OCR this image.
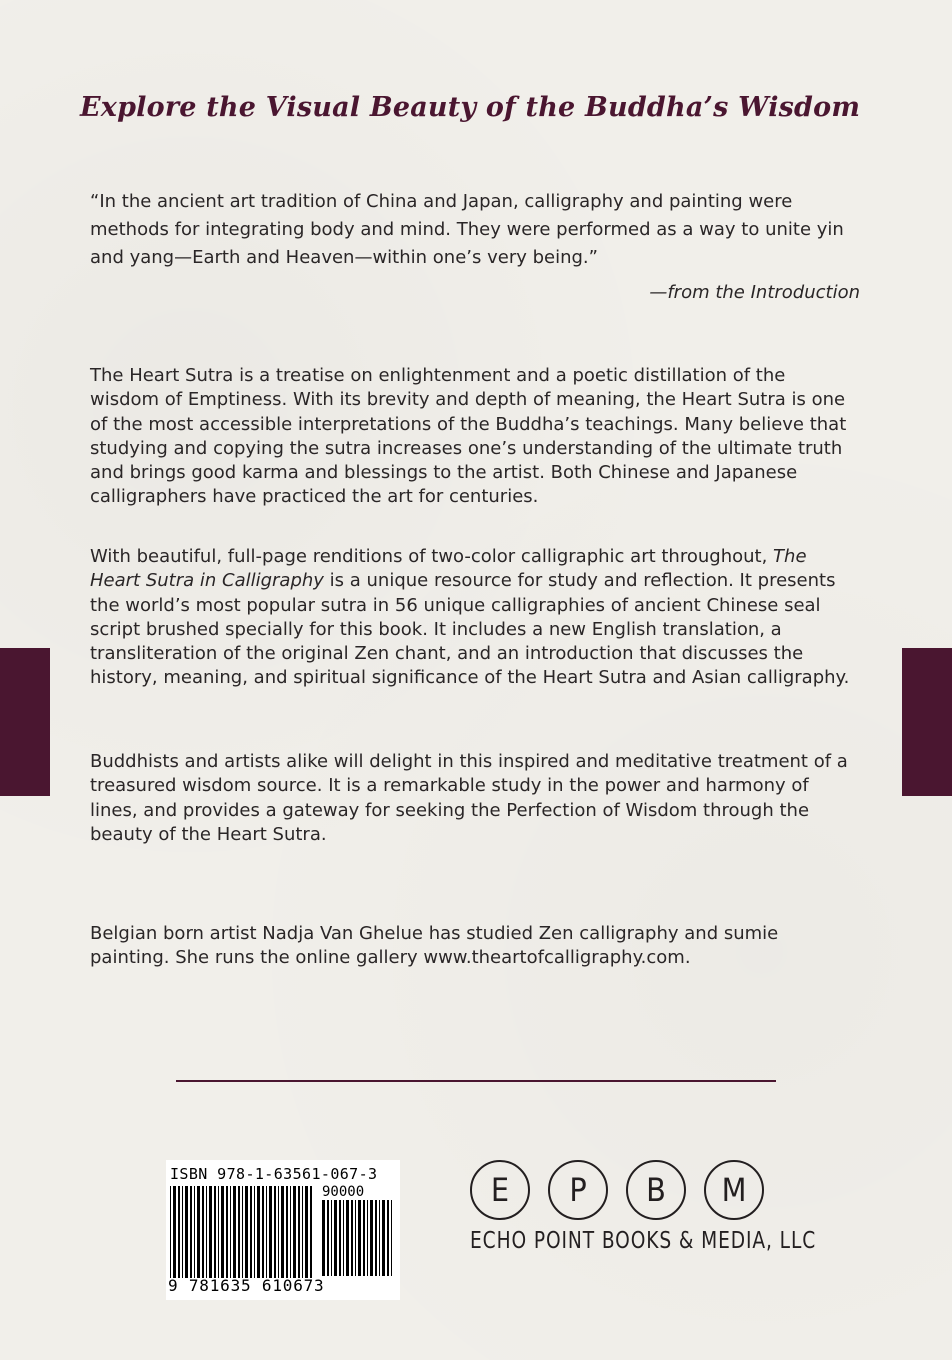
Explore the Visual Beauty of the Buddha’s Wisdom
“In the ancient art tradition of China and Japan, calligraphy and painting were methods for integrating body and mind. They were performed as a way to unite yin and yang—Earth and Heaven—within one’s very being.”
—from the Introduction
The Heart Sutra is a treatise on enlightenment and a poetic distillation of the wisdom of Emptiness. With its brevity and depth of meaning, the Heart Sutra is one of the most accessible interpretations of the Buddha’s teachings. Many believe that studying and copying the sutra increases one’s understanding of the ultimate truth and brings good karma and blessings to the artist. Both Chinese and Japanese calligraphers have practiced the art for centuries.
With beautiful, full-page renditions of two-color calligraphic art throughout, The Heart Sutra in Calligraphy is a unique resource for study and reflection. It presents the world’s most popular sutra in 56 unique calligraphies of ancient Chinese seal script brushed specially for this book. It includes a new English translation, a transliteration of the original Zen chant, and an introduction that discusses the history, meaning, and spiritual significance of the Heart Sutra and Asian calligraphy.
Buddhists and artists alike will delight in this inspired and meditative treatment of a treasured wisdom source. It is a remarkable study in the power and harmony of lines, and provides a gateway for seeking the Perfection of Wisdom through the beauty of the Heart Sutra.
Belgian born artist Nadja Van Ghelue has studied Zen calligraphy and sumie painting. She runs the online gallery www.theartofcalligraphy.com.
ISBN 978-1-63561-067-3
90000
9 781635 610673
E	P	B	M
ECHO POINT BOOKS & MEDIA, LLC
